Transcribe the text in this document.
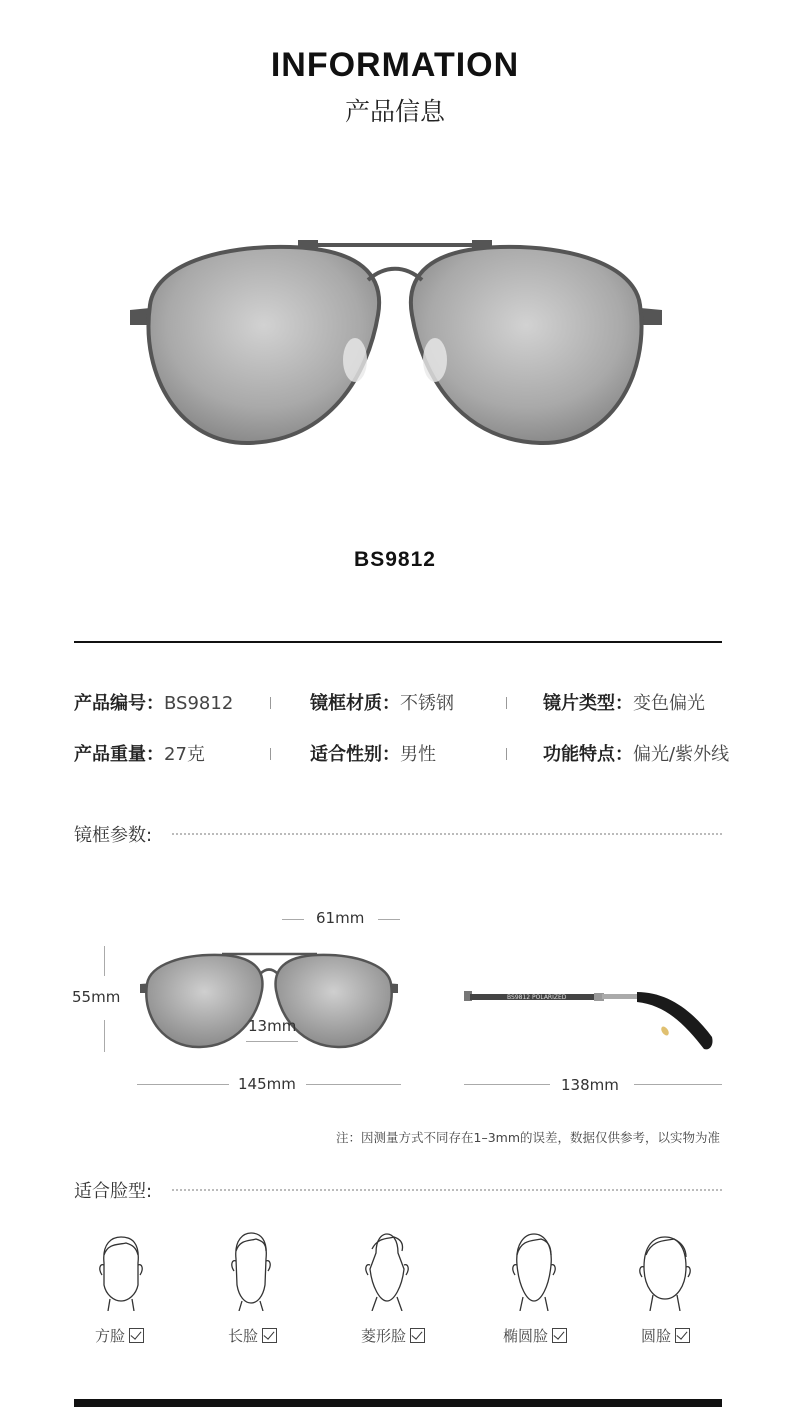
INFORMATION
产品信息
BS9812
产品编号：BS9812	镜框材质：不锈钢	镜片类型：变色偏光
产品重量：27克	适合性别：男性	功能特点：偏光/紫外线
镜框参数:
61mm
55mm
13mm
145mm
BS9812 POLARIZED
138mm
注：因测量方式不同存在1–3mm的误差，数据仅供参考，以实物为准
适合脸型:
方脸	长脸	菱形脸	椭圆脸	圆脸
